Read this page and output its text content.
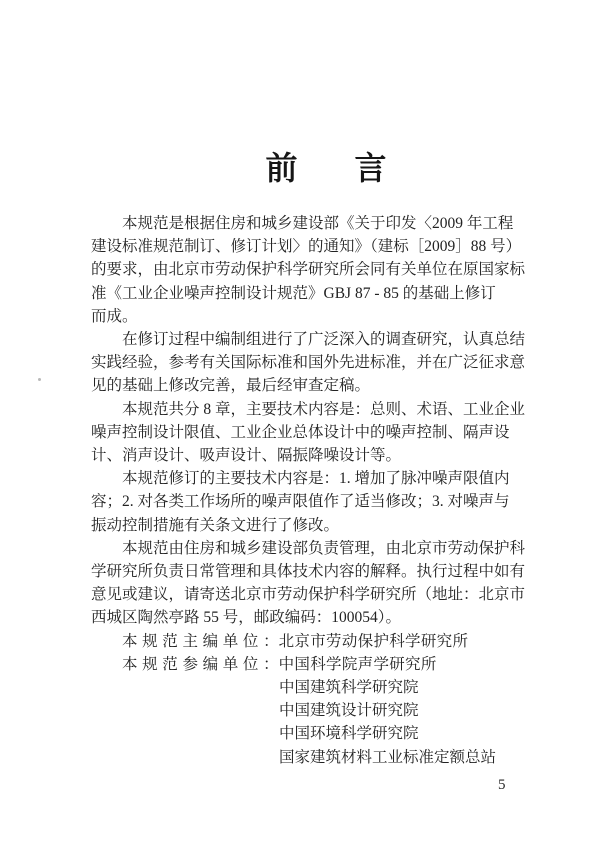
前 言
本规范是根据住房和城乡建设部《关于印发〈2009 年工程
建设标准规范制订、修订计划〉的通知》（建标［2009］88 号）
的要求，由北京市劳动保护科学研究所会同有关单位在原国家标
准《工业企业噪声控制设计规范》GBJ 87 - 85 的基础上修订
而成。
在修订过程中编制组进行了广泛深入的调查研究，认真总结
实践经验，参考有关国际标准和国外先进标准，并在广泛征求意
见的基础上修改完善，最后经审查定稿。
本规范共分 8 章，主要技术内容是：总则、术语、工业企业
噪声控制设计限值、工业企业总体设计中的噪声控制、隔声设
计、消声设计、吸声设计、隔振降噪设计等。
本规范修订的主要技术内容是：1. 增加了脉冲噪声限值内
容；2. 对各类工作场所的噪声限值作了适当修改；3. 对噪声与
振动控制措施有关条文进行了修改。
本规范由住房和城乡建设部负责管理，由北京市劳动保护科
学研究所负责日常管理和具体技术内容的解释。执行过程中如有
意见或建议，请寄送北京市劳动保护科学研究所（地址：北京市
西城区陶然亭路 55 号，邮政编码：100054）。
本规范主编单位：北京市劳动保护科学研究所
本规范参编单位：中国科学院声学研究所
中国建筑科学研究院
中国建筑设计研究院
中国环境科学研究院
国家建筑材料工业标准定额总站
5
